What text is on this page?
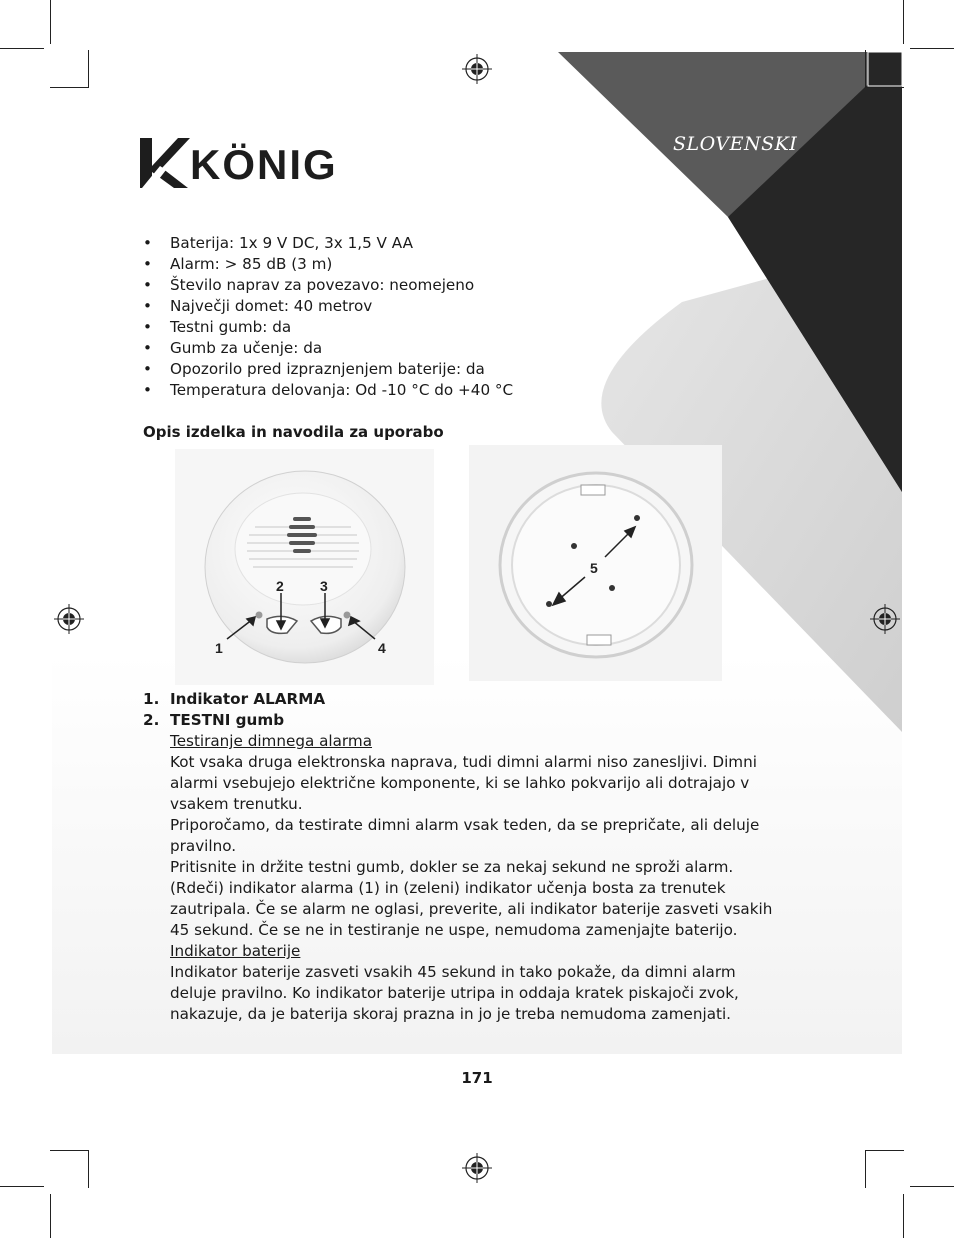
KÖNIG	SLOVENSKI
• Baterija: 1x 9 V DC, 3x 1,5 V AA
• Alarm: > 85 dB (3 m)
• Število naprav za povezavo: neomejeno
• Največji domet: 40 metrov
• Testni gumb: da
• Gumb za učenje: da
• Opozorilo pred izpraznjenjem baterije: da
• Temperatura delovanja: Od -10 °C do +40 °C
Opis izdelka in navodila za uporabo
2	3
1	4
5
1. Indikator ALARMA
2. TESTNI gumb

Testiranje dimnega alarma

Kot vsaka druga elektronska naprava, tudi dimni alarmi niso zanesljivi. Dimni alarmi vsebujejo električne komponente, ki se lahko pokvarijo ali dotrajajo v vsakem trenutku.

Priporočamo, da testirate dimni alarm vsak teden, da se prepričate, ali deluje pravilno.

Pritisnite in držite testni gumb, dokler se za nekaj sekund ne sproži alarm. (Rdeči) indikator alarma (1) in (zeleni) indikator učenja bosta za trenutek zautripala. Če se alarm ne oglasi, preverite, ali indikator baterije zasveti vsakih 45 sekund. Če se ne in testiranje ne uspe, nemudoma zamenjajte baterijo.

Indikator baterije

Indikator baterije zasveti vsakih 45 sekund in tako pokaže, da dimni alarm deluje pravilno. Ko indikator baterije utripa in oddaja kratek piskajoči zvok, nakazuje, da je baterija skoraj prazna in jo je treba nemudoma zamenjati.

171
